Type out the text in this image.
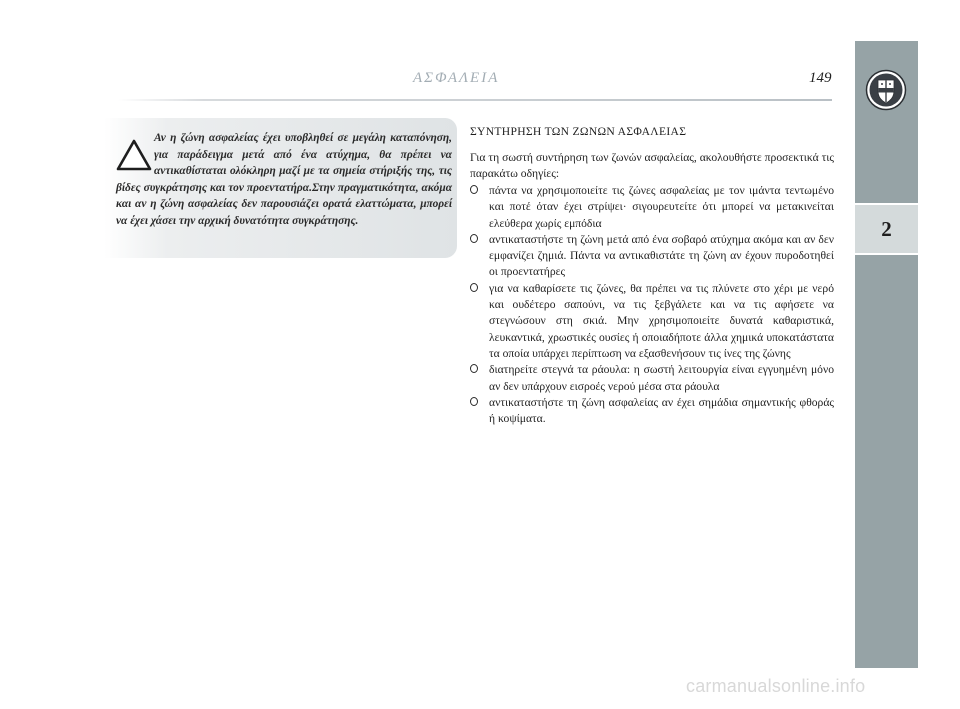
ΑΣΦΑΛΕΙΑ	149
2

Αν η ζώνη ασφαλείας έχει υποβληθεί σε μεγάλη καταπόνηση, για παράδειγμα μετά από ένα ατύχημα, θα πρέπει να αντικαθίσταται ολόκληρη μαζί με τα σημεία στήριξής της, τις βίδες συγκράτησης και τον προεντατήρα.Στην πραγματικότητα, ακόμα και αν η ζώνη ασφαλείας δεν παρουσιάζει ορατά ελαττώματα, μπορεί να έχει χάσει την αρχική δυνατότητα συγκράτησης.

ΣΥΝΤΗΡΗΣΗ ΤΩΝ ΖΩΝΩΝ ΑΣΦΑΛΕΙΑΣ

Για τη σωστή συντήρηση των ζωνών ασφαλείας, ακολουθήστε προσεκτικά τις παρακάτω οδηγίες:

πάντα να χρησιμοποιείτε τις ζώνες ασφαλείας με τον ιμάντα τεντωμένο και ποτέ όταν έχει στρίψει· σιγουρευτείτε ότι μπορεί να μετακινείται ελεύθερα χωρίς εμπόδια
αντικαταστήστε τη ζώνη μετά από ένα σοβαρό ατύχημα ακόμα και αν δεν εμφανίζει ζημιά. Πάντα να αντικαθιστάτε τη ζώνη αν έχουν πυροδοτηθεί οι προεντατήρες
για να καθαρίσετε τις ζώνες, θα πρέπει να τις πλύνετε στο χέρι με νερό και ουδέτερο σαπούνι, να τις ξεβγάλετε και να τις αφήσετε να στεγνώσουν στη σκιά. Μην χρησιμοποιείτε δυνατά καθαριστικά, λευκαντικά, χρωστικές ουσίες ή οποιαδήποτε άλλα χημικά υποκατάστατα τα οποία υπάρχει περίπτωση να εξασθενήσουν τις ίνες της ζώνης
διατηρείτε στεγνά τα ράουλα: η σωστή λειτουργία είναι εγγυημένη μόνο αν δεν υπάρχουν εισροές νερού μέσα στα ράουλα
αντικαταστήστε τη ζώνη ασφαλείας αν έχει σημάδια σημαντικής φθοράς ή κοψίματα.
carmanualsonline.info
